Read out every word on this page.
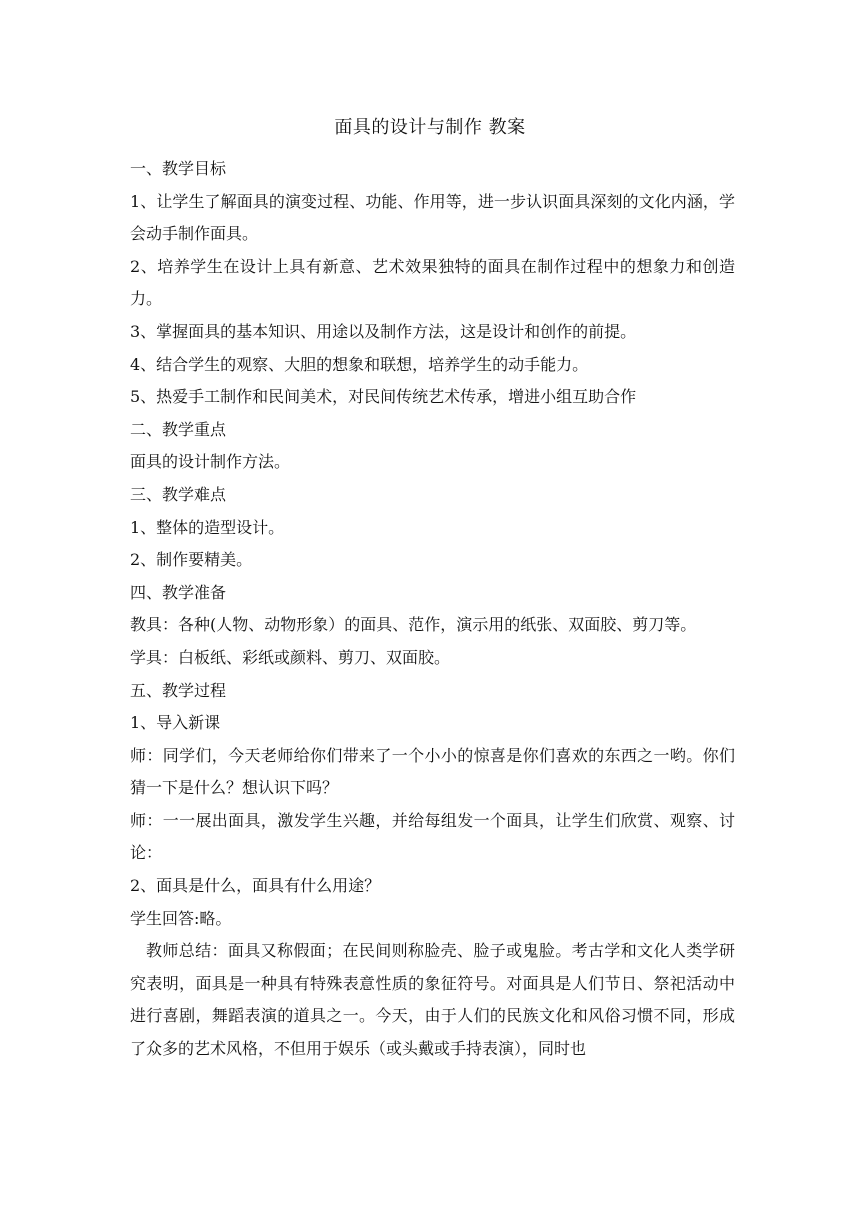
面具的设计与制作 教案

一、教学目标

1、让学生了解面具的演变过程、功能、作用等，进一步认识面具深刻的文化内涵，学会动手制作面具。

2、培养学生在设计上具有新意、艺术效果独特的面具在制作过程中的想象力和创造力。

3、掌握面具的基本知识、用途以及制作方法，这是设计和创作的前提。

4、结合学生的观察、大胆的想象和联想，培养学生的动手能力。

5、热爱手工制作和民间美术，对民间传统艺术传承，增进小组互助合作

二、教学重点

面具的设计制作方法。

三、教学难点

1、整体的造型设计。

2、制作要精美。

四、教学准备

教具：各种(人物、动物形象）的面具、范作，演示用的纸张、双面胶、剪刀等。

学具：白板纸、彩纸或颜料、剪刀、双面胶。

五、教学过程

1、导入新课

师：同学们，今天老师给你们带来了一个小小的惊喜是你们喜欢的东西之一哟。你们猜一下是什么？想认识下吗？

师：一一展出面具，激发学生兴趣，并给每组发一个面具，让学生们欣赏、观察、讨论：

2、面具是什么，面具有什么用途？

学生回答:略。

教师总结：面具又称假面；在民间则称脸壳、脸子或鬼脸。考古学和文化人类学研究表明，面具是一种具有特殊表意性质的象征符号。对面具是人们节日、祭祀活动中进行喜剧，舞蹈表演的道具之一。今天，由于人们的民族文化和风俗习惯不同，形成了众多的艺术风格，不但用于娱乐（或头戴或手持表演），同时也
